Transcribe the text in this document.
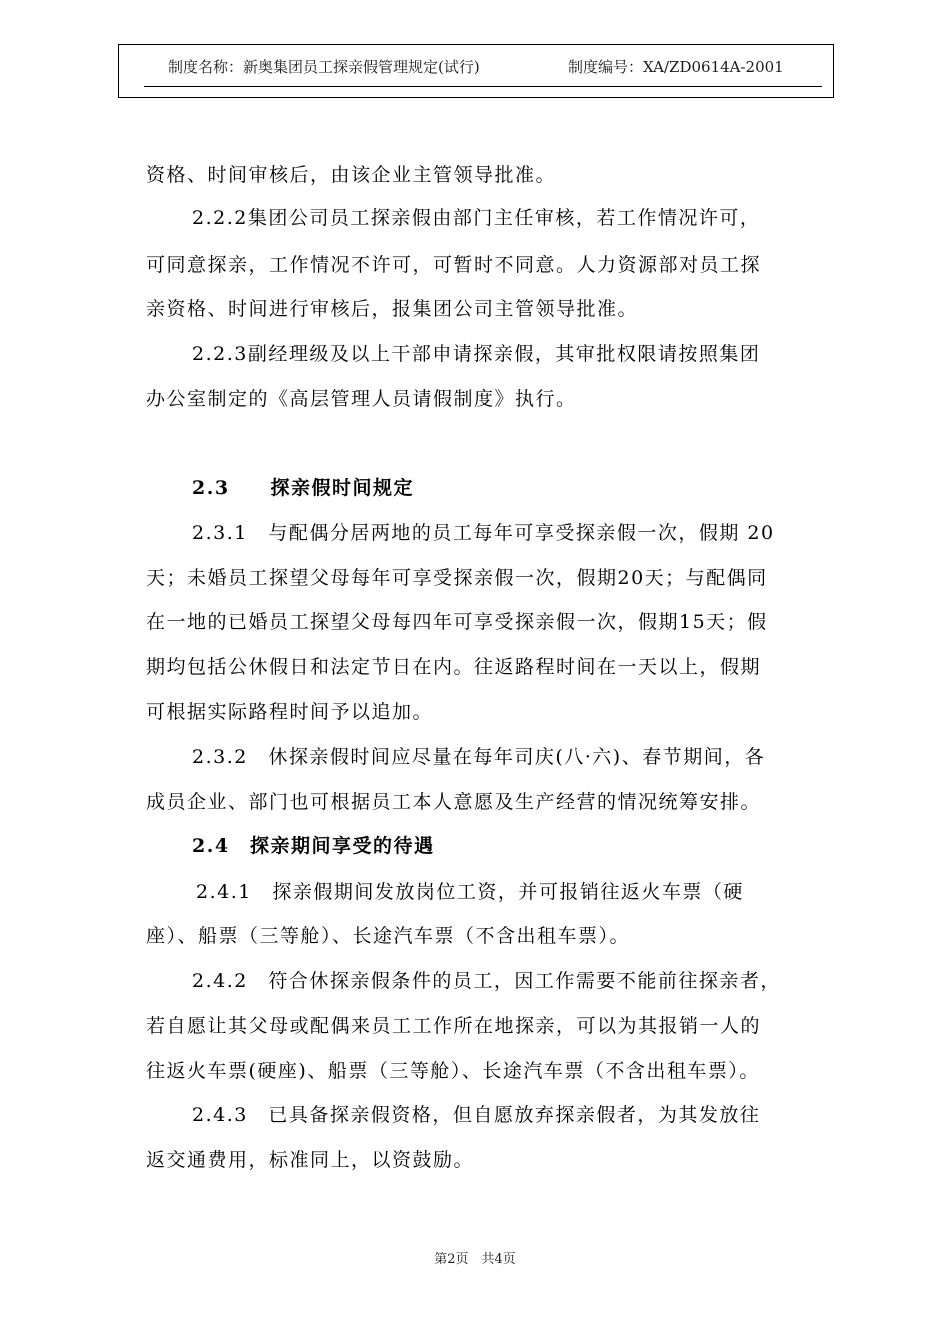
制度名称：新奥集团员工探亲假管理规定(试行)	制度编号：XA/ZD0614A-2001
资格、时间审核后，由该企业主管领导批准。
2.2.2集团公司员工探亲假由部门主任审核，若工作情况许可，
可同意探亲，工作情况不许可，可暂时不同意。人力资源部对员工探
亲资格、时间进行审核后，报集团公司主管领导批准。
2.2.3副经理级及以上干部申请探亲假，其审批权限请按照集团
办公室制定的《高层管理人员请假制度》执行。
2.3　　探亲假时间规定
2.3.1　与配偶分居两地的员工每年可享受探亲假一次，假期 20
天；未婚员工探望父母每年可享受探亲假一次，假期20天；与配偶同
在一地的已婚员工探望父母每四年可享受探亲假一次，假期15天；假
期均包括公休假日和法定节日在内。往返路程时间在一天以上，假期
可根据实际路程时间予以追加。
2.3.2　休探亲假时间应尽量在每年司庆(八·六)、春节期间，各
成员企业、部门也可根据员工本人意愿及生产经营的情况统筹安排。
2.4　探亲期间享受的待遇
2.4.1　探亲假期间发放岗位工资，并可报销往返火车票（硬
座）、船票（三等舱）、长途汽车票（不含出租车票）。
2.4.2　符合休探亲假条件的员工，因工作需要不能前往探亲者，
若自愿让其父母或配偶来员工工作所在地探亲，可以为其报销一人的
往返火车票(硬座)、船票（三等舱）、长途汽车票（不含出租车票）。
2.4.3　已具备探亲假资格，但自愿放弃探亲假者，为其发放往
返交通费用，标准同上，以资鼓励。
第2页　共4页
